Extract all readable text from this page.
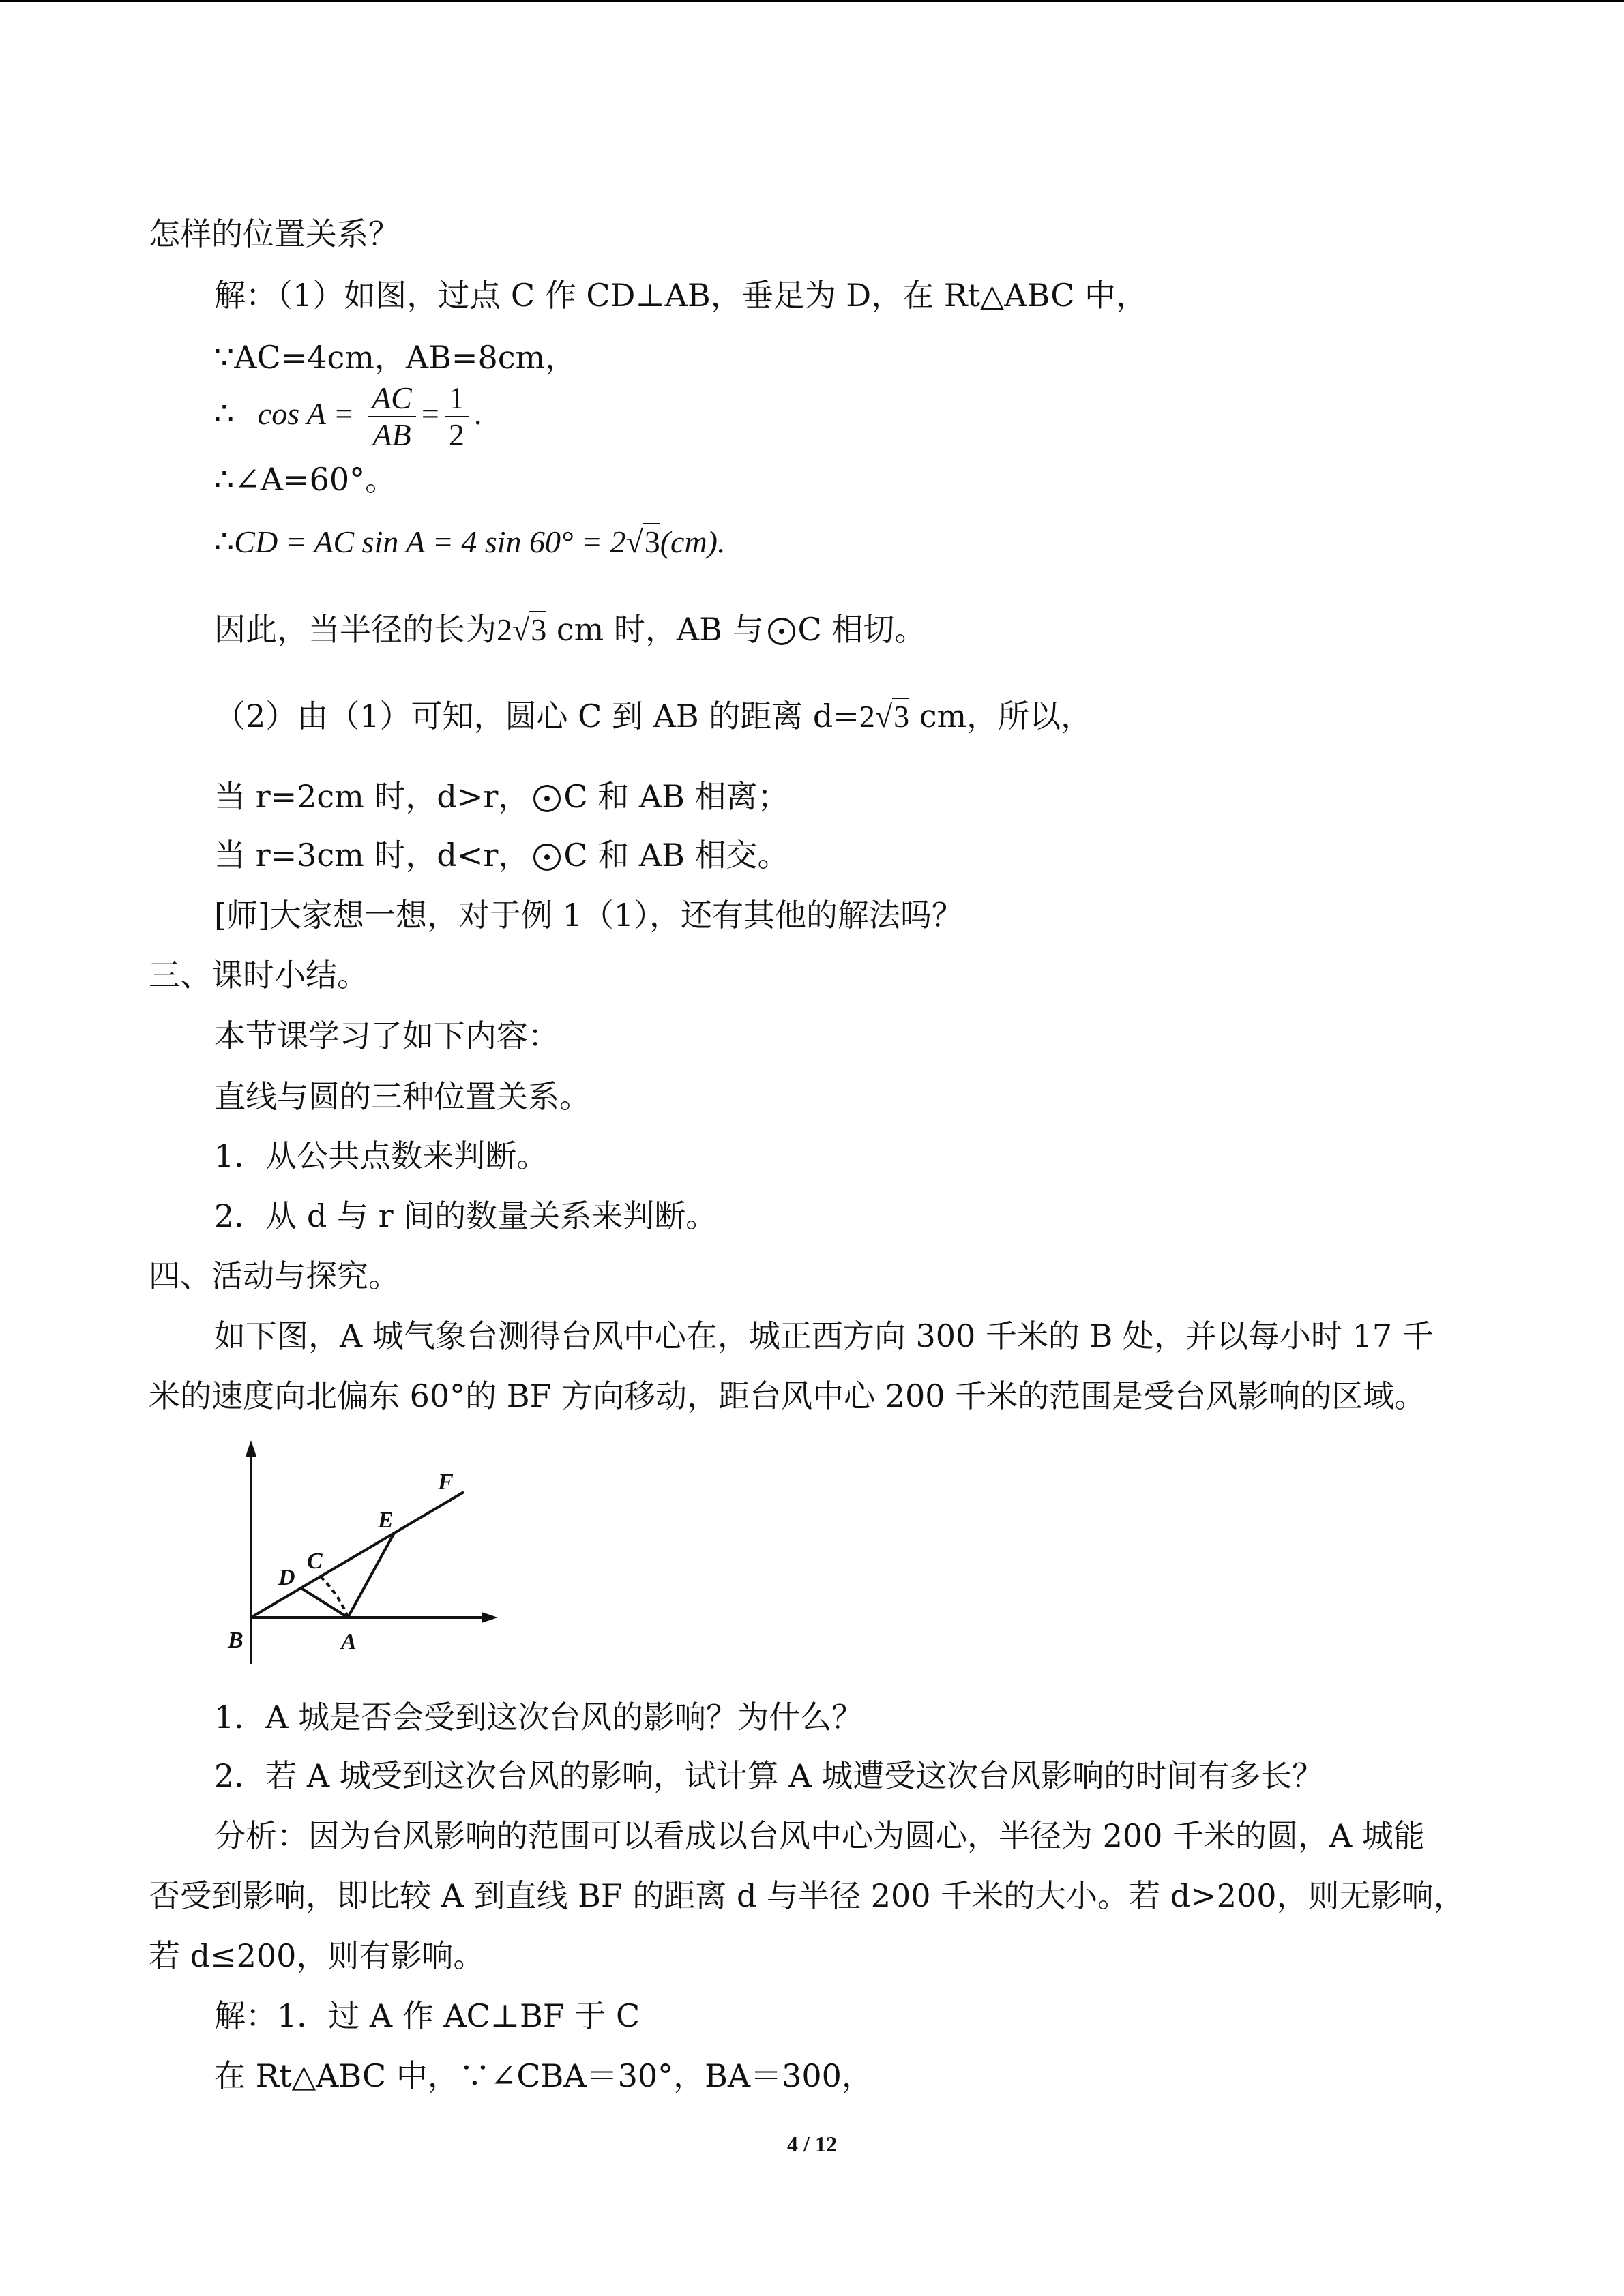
怎样的位置关系？
解：（1）如图，过点 C 作 CD⊥AB，垂足为 D，在 Rt△ABC 中，
∵AC=4cm，AB=8cm，
∴ $\cos A = \frac{AC}{AB} = \frac{1}{2}$ .
∴∠A=60°。
∴CD = AC sin A = 4 sin 60° = 2√3(cm).
因此，当半径的长为2√3 cm 时，AB 与 C 相切。
（2）由（1）可知，圆心 C 到 AB 的距离 d=2√3 cm，所以，
当 r=2cm 时，d>r， C 和 AB 相离；
当 r=3cm 时，d<r， C 和 AB 相交。
[师]大家想一想，对于例 1（1），还有其他的解法吗？
三、课时小结。
本节课学习了如下内容：
直线与圆的三种位置关系。
1．从公共点数来判断。
2．从 d 与 r 间的数量关系来判断。
四、活动与探究。
如下图，A 城气象台测得台风中心在，城正西方向 300 千米的 B 处，并以每小时 17 千
米的速度向北偏东 60°的 BF 方向移动，距台风中心 200 千米的范围是受台风影响的区域。
B	A
D
C
E
F
1．A 城是否会受到这次台风的影响？为什么？
2．若 A 城受到这次台风的影响，试计算 A 城遭受这次台风影响的时间有多长？
分析：因为台风影响的范围可以看成以台风中心为圆心，半径为 200 千米的圆，A 城能
否受到影响，即比较 A 到直线 BF 的距离 d 与半径 200 千米的大小。若 d>200，则无影响，
若 d≤200，则有影响。
解：1．过 A 作 AC⊥BF 于 C
在 Rt△ABC 中，∵∠CBA＝30°，BA＝300，
4 / 12
